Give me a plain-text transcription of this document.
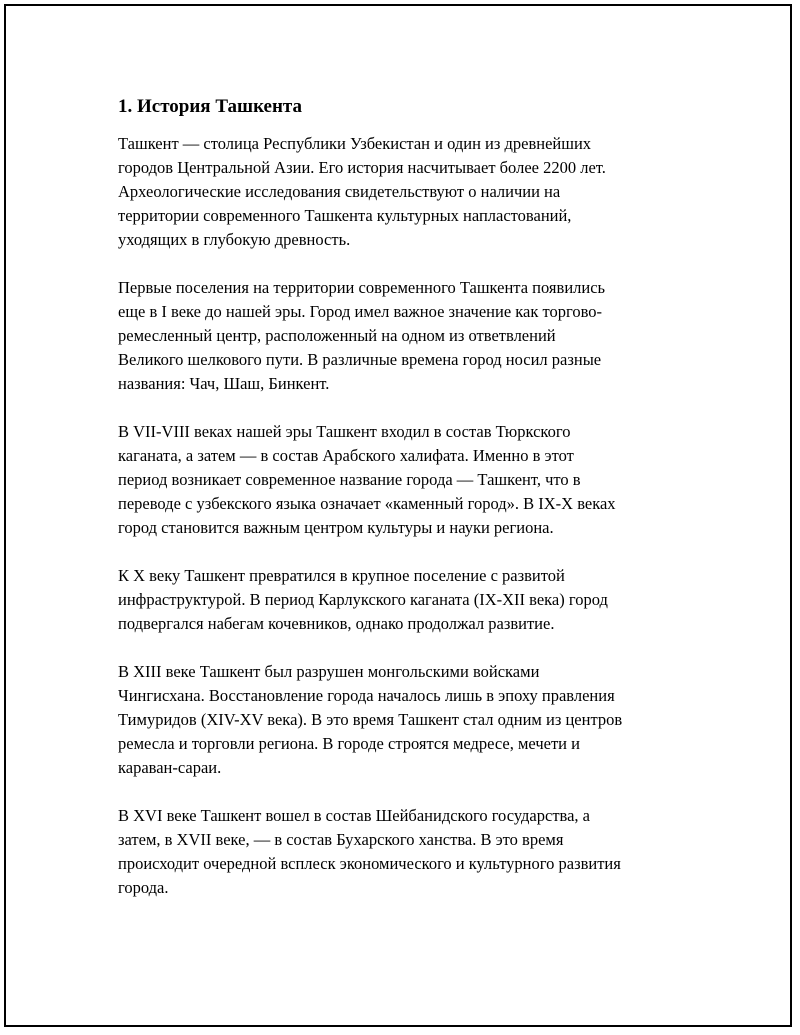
1. История Ташкента

Ташкент — столица Республики Узбекистан и один из древнейших
городов Центральной Азии. Его история насчитывает более 2200 лет.
Археологические исследования свидетельствуют о наличии на
территории современного Ташкента культурных напластований,
уходящих в глубокую древность.

Первые поселения на территории современного Ташкента появились
еще в I веке до нашей эры. Город имел важное значение как торгово-
ремесленный центр, расположенный на одном из ответвлений
Великого шелкового пути. В различные времена город носил разные
названия: Чач, Шаш, Бинкент.

В VII-VIII веках нашей эры Ташкент входил в состав Тюркского
каганата, а затем — в состав Арабского халифата. Именно в этот
период возникает современное название города — Ташкент, что в
переводе с узбекского языка означает «каменный город». В IX-X веках
город становится важным центром культуры и науки региона.

К X веку Ташкент превратился в крупное поселение с развитой
инфраструктурой. В период Карлукского каганата (IX-XII века) город
подвергался набегам кочевников, однако продолжал развитие.

В XIII веке Ташкент был разрушен монгольскими войсками
Чингисхана. Восстановление города началось лишь в эпоху правления
Тимуридов (XIV-XV века). В это время Ташкент стал одним из центров
ремесла и торговли региона. В городе строятся медресе, мечети и
караван-сараи.

В XVI веке Ташкент вошел в состав Шейбанидского государства, а
затем, в XVII веке, — в состав Бухарского ханства. В это время
происходит очередной всплеск экономического и культурного развития
города.
